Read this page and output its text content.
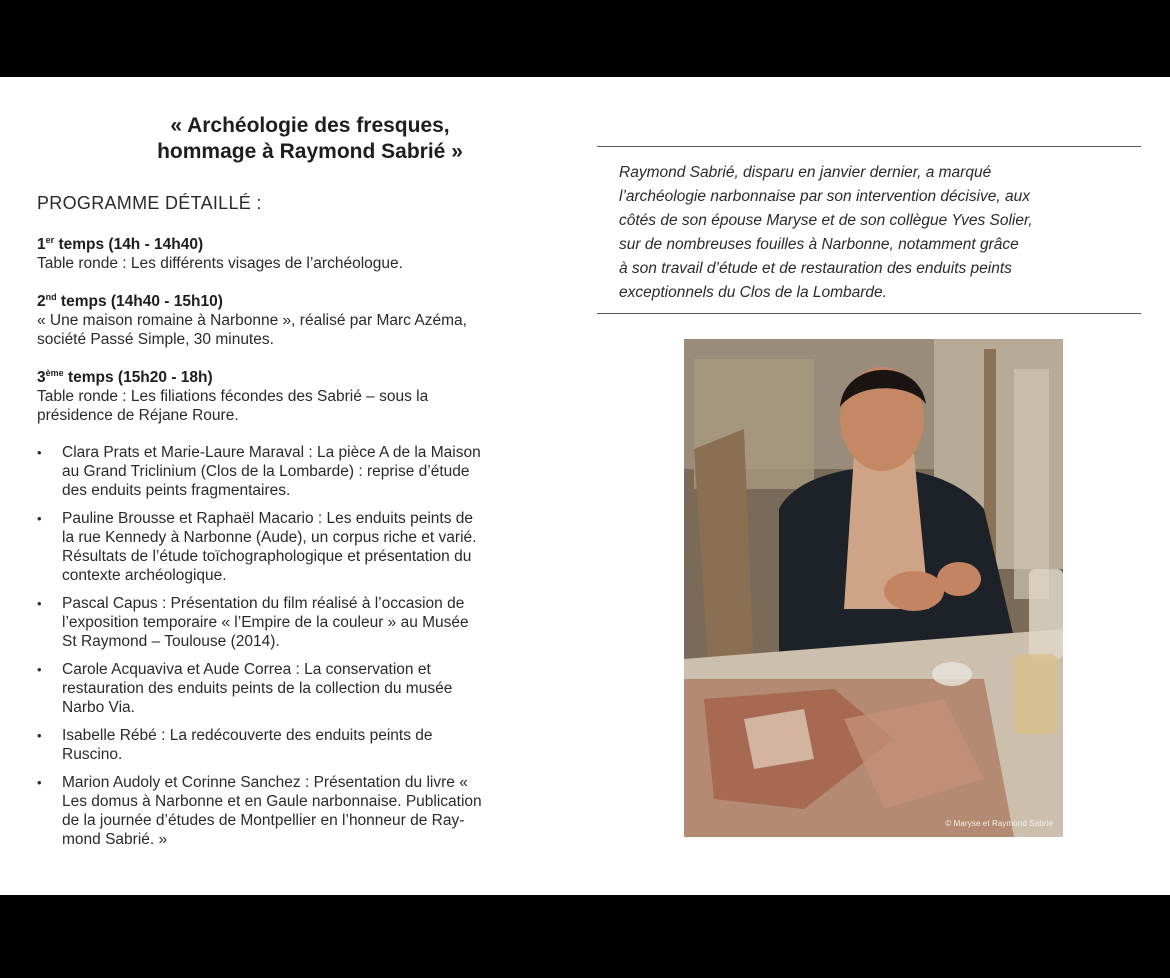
« Archéologie des fresques,
hommage à Raymond Sabrié »
PROGRAMME DÉTAILLÉ :
1er temps (14h - 14h40)
Table ronde : Les différents visages de l’archéologue.
2nd temps (14h40 - 15h10)
« Une maison romaine à Narbonne », réalisé par Marc Azéma,
société Passé Simple, 30 minutes.
3ème temps (15h20 - 18h)
Table ronde : Les filiations fécondes des Sabrié – sous la
présidence de Réjane Roure.
• Clara Prats et Marie-Laure Maraval : La pièce A de la Maison
au Grand Triclinium (Clos de la Lombarde) : reprise d’étude
des enduits peints fragmentaires.
• Pauline Brousse et Raphaël Macario : Les enduits peints de
la rue Kennedy à Narbonne (Aude), un corpus riche et varié.
Résultats de l’étude toïchographologique et présentation du
contexte archéologique.
• Pascal Capus : Présentation du film réalisé à l’occasion de
l’exposition temporaire « l’Empire de la couleur » au Musée
St Raymond – Toulouse (2014).
• Carole Acquaviva et Aude Correa : La conservation et
restauration des enduits peints de la collection du musée
Narbo Via.
• Isabelle Rébé : La redécouverte des enduits peints de
Ruscino.
• Marion Audoly et Corinne Sanchez : Présentation du livre «
Les domus à Narbonne et en Gaule narbonnaise. Publication
de la journée d’études de Montpellier en l’honneur de Ray-
mond Sabrié. »
Raymond Sabrié, disparu en janvier dernier, a marqué
l’archéologie narbonnaise par son intervention décisive, aux
côtés de son épouse Maryse et de son collègue Yves Solier,
sur de nombreuses fouilles à Narbonne, notamment grâce
à son travail d’étude et de restauration des enduits peints
exceptionnels du Clos de la Lombarde.
© Maryse et Raymond Sabrié
